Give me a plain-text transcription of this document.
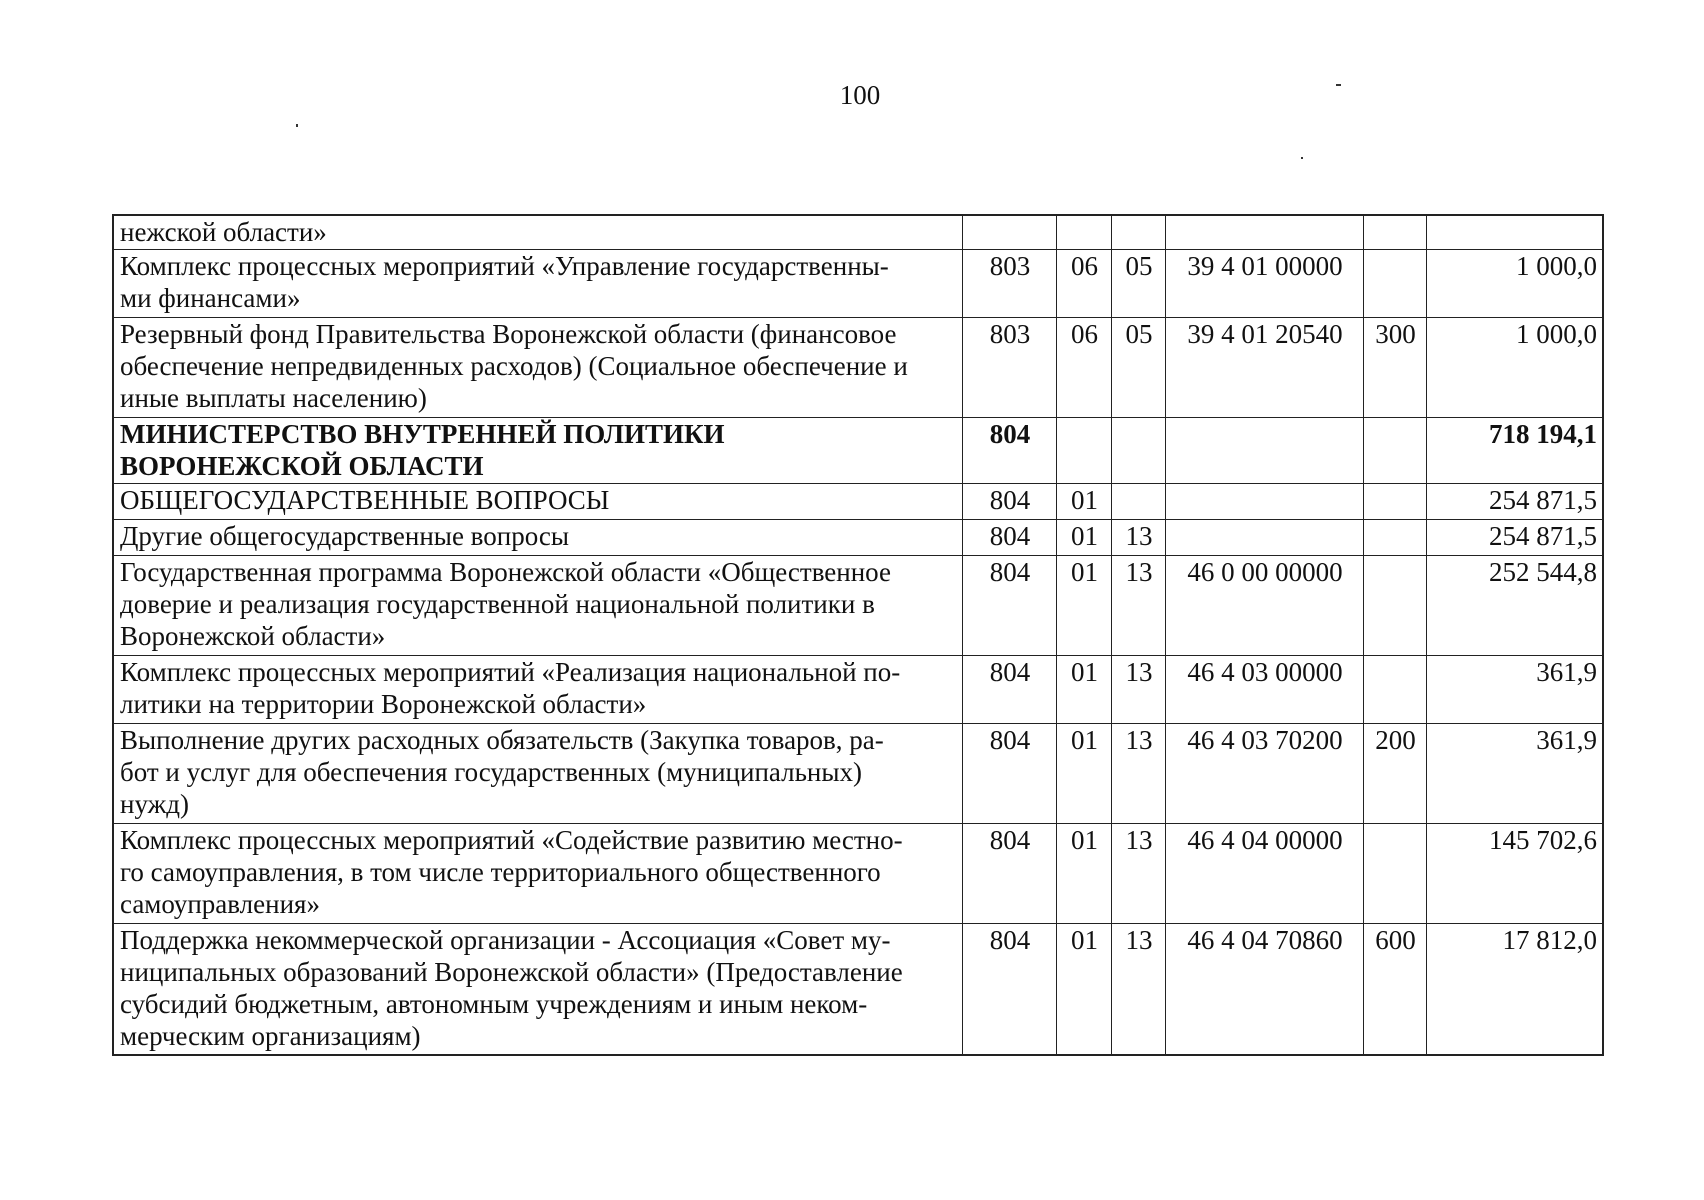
100
нежской области»						
Комплекс процессных мероприятий «Управление государственны-
ми финансами»	803	06	05	39 4 01 00000		1 000,0
Резервный фонд Правительства Воронежской области (финансовое
обеспечение непредвиденных расходов) (Социальное обеспечение и
иные выплаты населению)	803	06	05	39 4 01 20540	300	1 000,0
МИНИСТЕРСТВО ВНУТРЕННЕЙ ПОЛИТИКИ
ВОРОНЕЖСКОЙ ОБЛАСТИ	804					718 194,1
ОБЩЕГОСУДАРСТВЕННЫЕ ВОПРОСЫ	804	01				254 871,5
Другие общегосударственные вопросы	804	01	13			254 871,5
Государственная программа Воронежской области «Общественное
доверие и реализация государственной национальной политики в
Воронежской области»	804	01	13	46 0 00 00000		252 544,8
Комплекс процессных мероприятий «Реализация национальной по-
литики на территории Воронежской области»	804	01	13	46 4 03 00000		361,9
Выполнение других расходных обязательств (Закупка товаров, ра-
бот и услуг для обеспечения государственных (муниципальных)
нужд)	804	01	13	46 4 03 70200	200	361,9
Комплекс процессных мероприятий «Содействие развитию местно-
го самоуправления, в том числе территориального общественного
самоуправления»	804	01	13	46 4 04 00000		145 702,6
Поддержка некоммерческой организации - Ассоциация «Совет му-
ниципальных образований Воронежской области» (Предоставление
субсидий бюджетным, автономным учреждениям и иным неком-
мерческим организациям)	804	01	13	46 4 04 70860	600	17 812,0
